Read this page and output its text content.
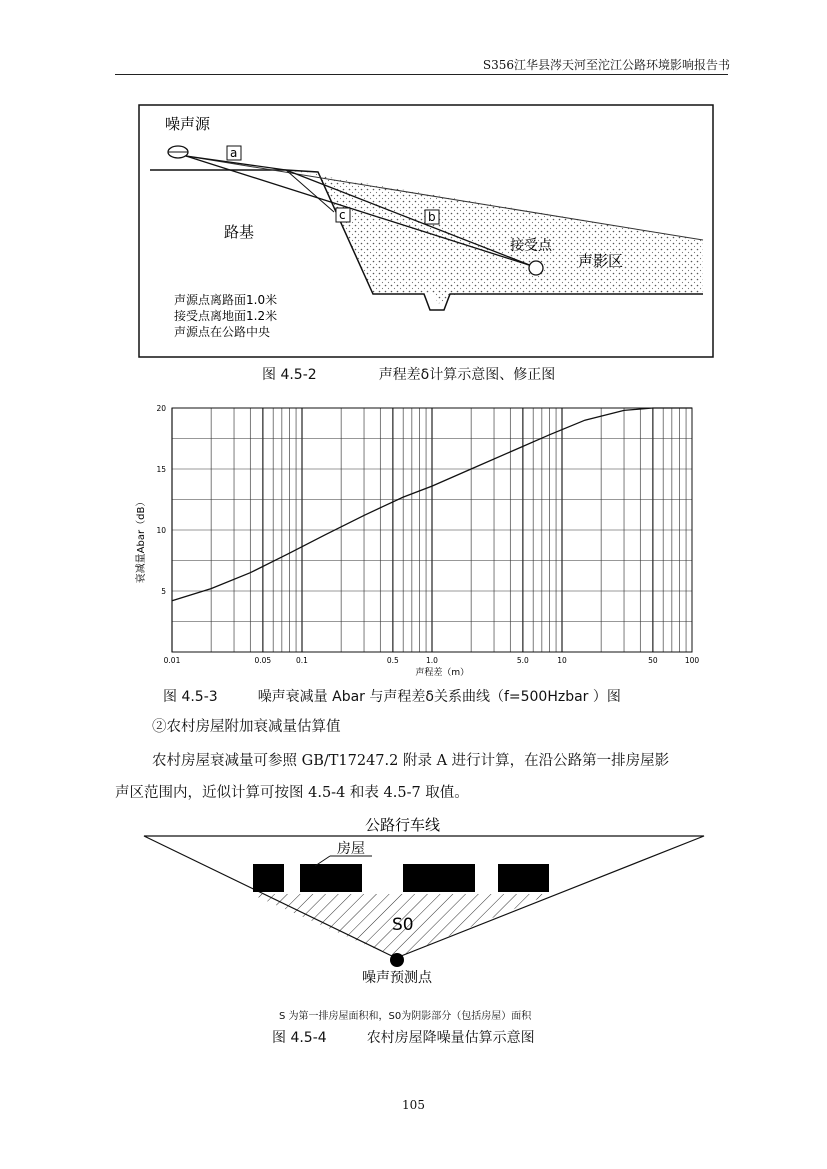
S356江华县涔天河至沱江公路环境影响报告书
噪声源
a
c	b
接受点
声影区
路基
声源点离路面1.0米
接受点离地面1.2米
声源点在公路中央
图 4.5-2	声程差δ计算示意图、修正图
0.01	0.05	0.1	0.5	1.0	5.0	10	50	100
5
10
15
20
声程差（m）
衰减量Abar（dB）
图 4.5-3	噪声衰减量 Abar 与声程差δ关系曲线（f=500Hzbar ）图
②农村房屋附加衰减量估算值
农村房屋衰减量可参照 GB/T17247.2 附录 A 进行计算，在沿公路第一排房屋影
声区范围内，近似计算可按图 4.5-4 和表 4.5-7 取值。
公路行车线
房屋
S0
噪声预测点
S 为第一排房屋面积和，S0为阴影部分（包括房屋）面积
图 4.5-4	农村房屋降噪量估算示意图
105
